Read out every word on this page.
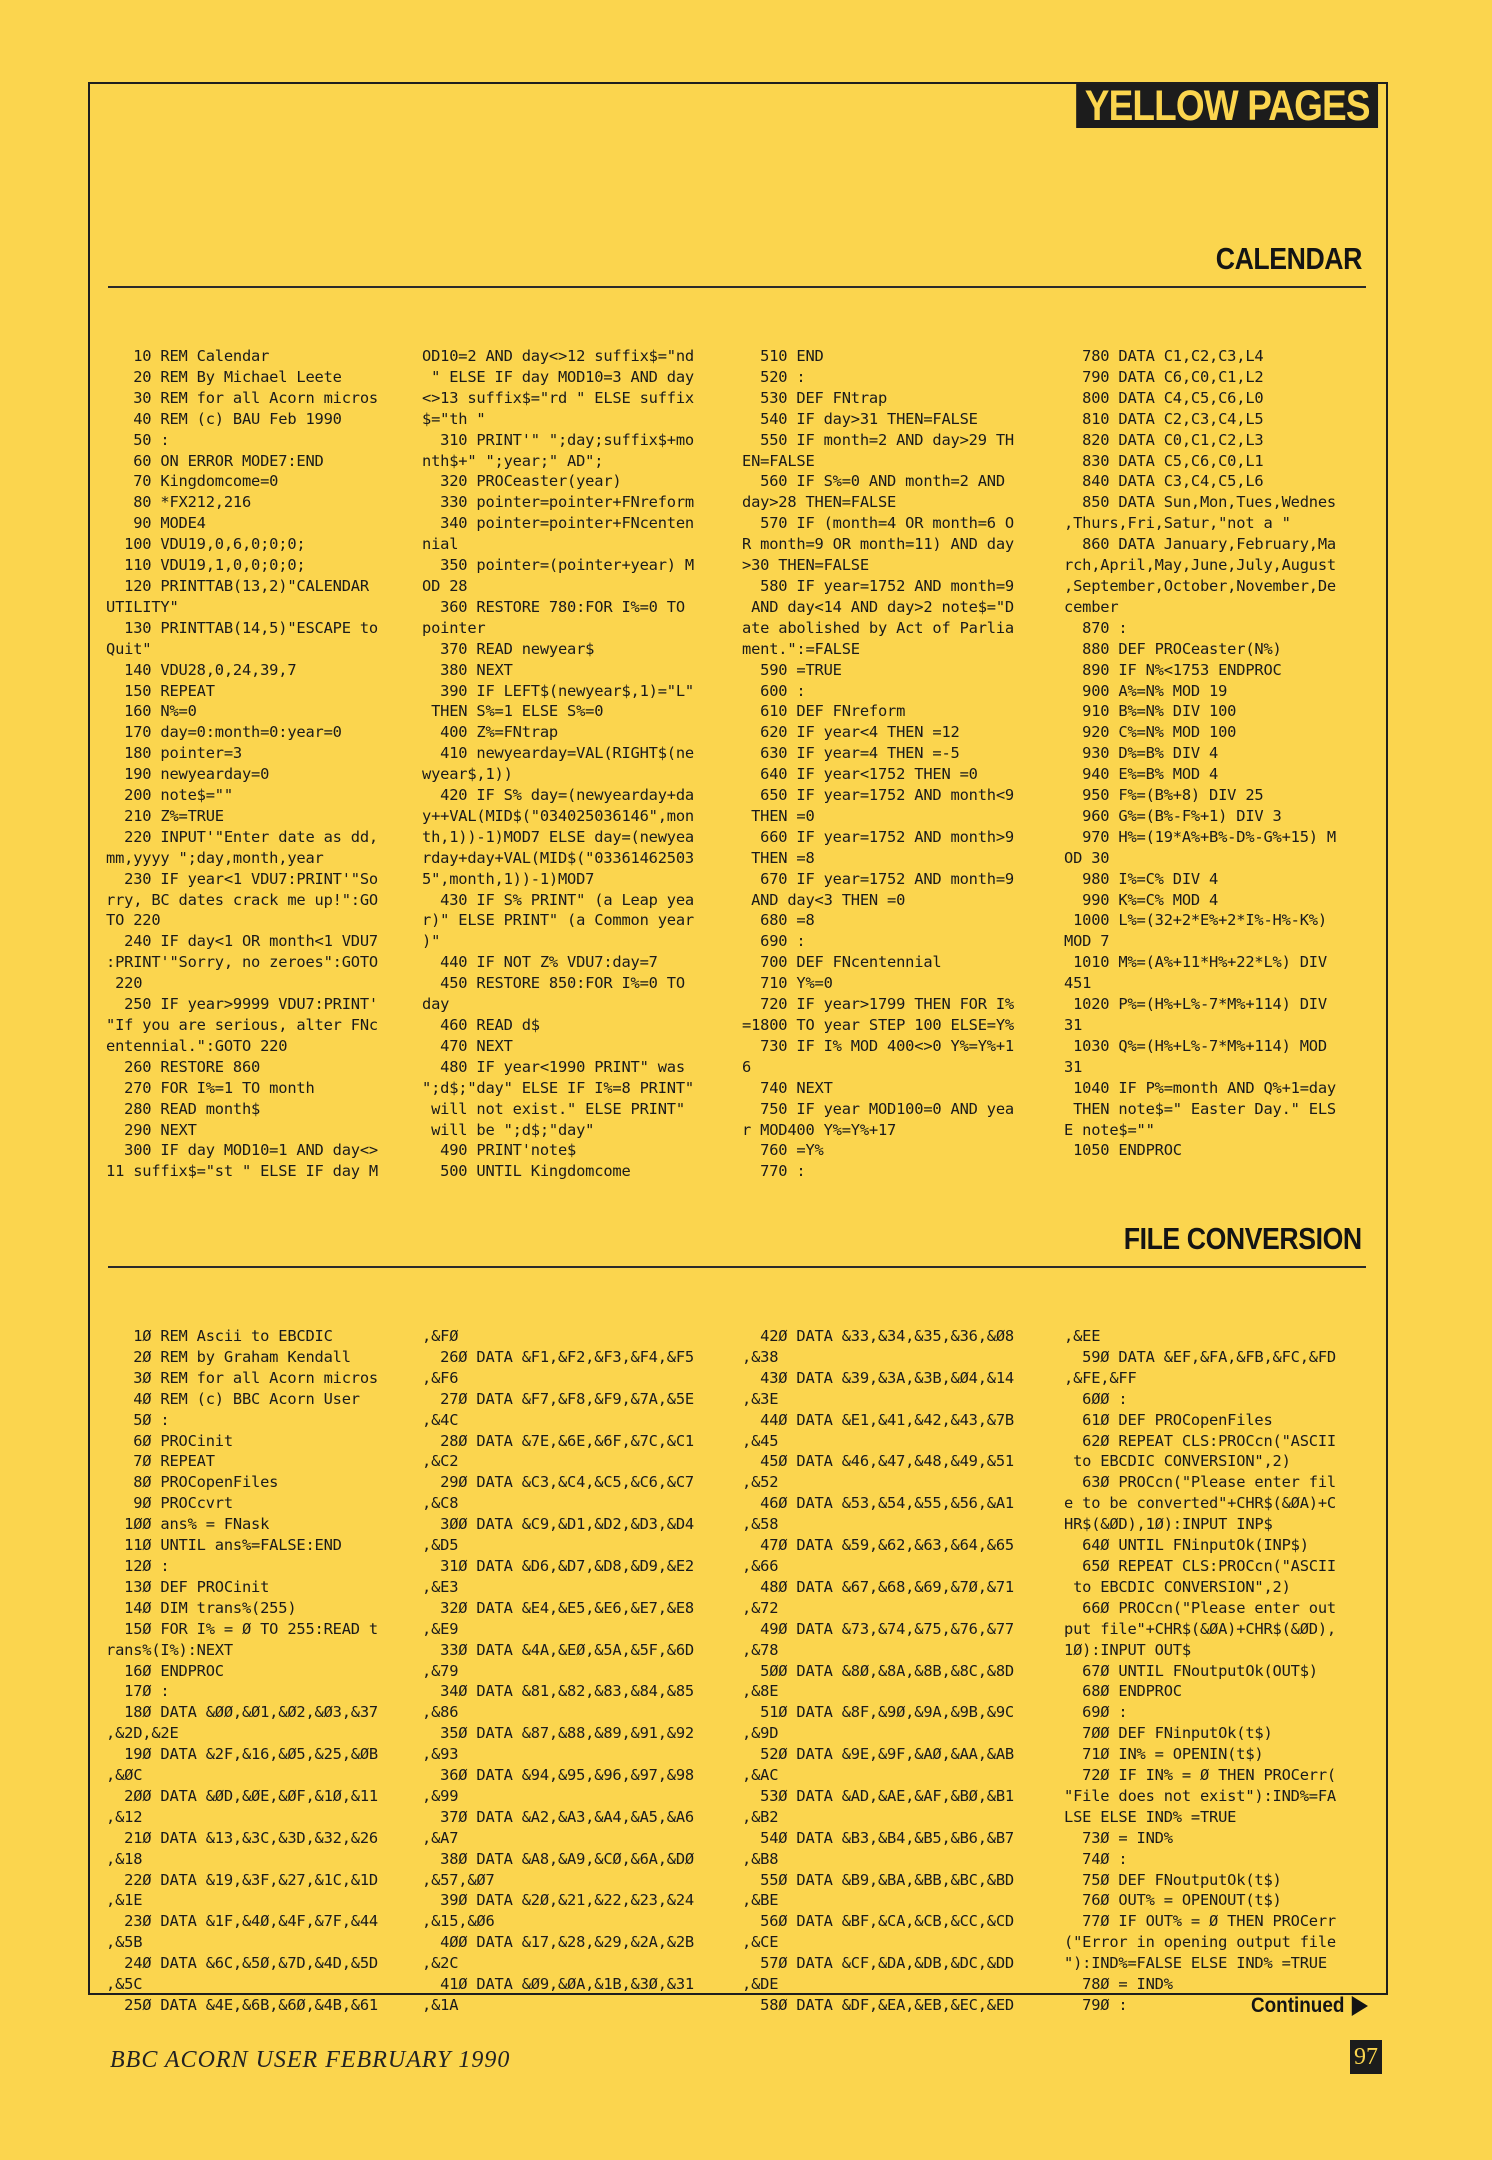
YELLOW PAGES
CALENDAR
10 REM Calendar
20 REM By Michael Leete
30 REM for all Acorn micros
40 REM (c) BAU Feb 1990
50 :
60 ON ERROR MODE7:END
70 Kingdomcome=0
80 *FX212,216
90 MODE4
100 VDU19,0,6,0;0;0;
110 VDU19,1,0,0;0;0;
120 PRINTTAB(13,2)"CALENDAR
UTILITY"
130 PRINTTAB(14,5)"ESCAPE to
Quit"
140 VDU28,0,24,39,7
150 REPEAT
160 N%=0
170 day=0:month=0:year=0
180 pointer=3
190 newyearday=0
200 note$=""
210 Z%=TRUE
220 INPUT'"Enter date as dd,
mm,yyyy ";day,month,year
230 IF year<1 VDU7:PRINT'"So
rry, BC dates crack me up!":GO
TO 220
240 IF day<1 OR month<1 VDU7
:PRINT'"Sorry, no zeroes":GOTO
220
250 IF year>9999 VDU7:PRINT'
"If you are serious, alter FNc
entennial.":GOTO 220
260 RESTORE 860
270 FOR I%=1 TO month
280 READ month$
290 NEXT
300 IF day MOD10=1 AND day<>
11 suffix$="st " ELSE IF day M
OD10=2 AND day<>12 suffix$="nd
" ELSE IF day MOD10=3 AND day
<>13 suffix$="rd " ELSE suffix
$="th "
310 PRINT'" ";day;suffix$+mo
nth$+" ";year;" AD";
320 PROCeaster(year)
330 pointer=pointer+FNreform
340 pointer=pointer+FNcenten
nial
350 pointer=(pointer+year) M
OD 28
360 RESTORE 780:FOR I%=0 TO
pointer
370 READ newyear$
380 NEXT
390 IF LEFT$(newyear$,1)="L"
THEN S%=1 ELSE S%=0
400 Z%=FNtrap
410 newyearday=VAL(RIGHT$(ne
wyear$,1))
420 IF S% day=(newyearday+da
y++VAL(MID$("034025036146",mon
th,1))-1)MOD7 ELSE day=(newyea
rday+day+VAL(MID$("03361462503
5",month,1))-1)MOD7
430 IF S% PRINT" (a Leap yea
r)" ELSE PRINT" (a Common year
)"
440 IF NOT Z% VDU7:day=7
450 RESTORE 850:FOR I%=0 TO
day
460 READ d$
470 NEXT
480 IF year<1990 PRINT" was
";d$;"day" ELSE IF I%=8 PRINT"
will not exist." ELSE PRINT"
will be ";d$;"day"
490 PRINT'note$
500 UNTIL Kingdomcome
510 END
520 :
530 DEF FNtrap
540 IF day>31 THEN=FALSE
550 IF month=2 AND day>29 TH
EN=FALSE
560 IF S%=0 AND month=2 AND
day>28 THEN=FALSE
570 IF (month=4 OR month=6 O
R month=9 OR month=11) AND day
>30 THEN=FALSE
580 IF year=1752 AND month=9
AND day<14 AND day>2 note$="D
ate abolished by Act of Parlia
ment.":=FALSE
590 =TRUE
600 :
610 DEF FNreform
620 IF year<4 THEN =12
630 IF year=4 THEN =-5
640 IF year<1752 THEN =0
650 IF year=1752 AND month<9
THEN =0
660 IF year=1752 AND month>9
THEN =8
670 IF year=1752 AND month=9
AND day<3 THEN =0
680 =8
690 :
700 DEF FNcentennial
710 Y%=0
720 IF year>1799 THEN FOR I%
=1800 TO year STEP 100 ELSE=Y%
730 IF I% MOD 400<>0 Y%=Y%+1
6
740 NEXT
750 IF year MOD100=0 AND yea
r MOD400 Y%=Y%+17
760 =Y%
770 :
780 DATA C1,C2,C3,L4
790 DATA C6,C0,C1,L2
800 DATA C4,C5,C6,L0
810 DATA C2,C3,C4,L5
820 DATA C0,C1,C2,L3
830 DATA C5,C6,C0,L1
840 DATA C3,C4,C5,L6
850 DATA Sun,Mon,Tues,Wednes
,Thurs,Fri,Satur,"not a "
860 DATA January,February,Ma
rch,April,May,June,July,August
,September,October,November,De
cember
870 :
880 DEF PROCeaster(N%)
890 IF N%<1753 ENDPROC
900 A%=N% MOD 19
910 B%=N% DIV 100
920 C%=N% MOD 100
930 D%=B% DIV 4
940 E%=B% MOD 4
950 F%=(B%+8) DIV 25
960 G%=(B%-F%+1) DIV 3
970 H%=(19*A%+B%-D%-G%+15) M
OD 30
980 I%=C% DIV 4
990 K%=C% MOD 4
1000 L%=(32+2*E%+2*I%-H%-K%)
MOD 7
1010 M%=(A%+11*H%+22*L%) DIV
451
1020 P%=(H%+L%-7*M%+114) DIV
31
1030 Q%=(H%+L%-7*M%+114) MOD
31
1040 IF P%=month AND Q%+1=day
THEN note$=" Easter Day." ELS
E note$=""
1050 ENDPROC
FILE CONVERSION
1Ø REM Ascii to EBCDIC
2Ø REM by Graham Kendall
3Ø REM for all Acorn micros
4Ø REM (c) BBC Acorn User
5Ø :
6Ø PROCinit
7Ø REPEAT
8Ø PROCopenFiles
9Ø PROCcvrt
1ØØ ans% = FNask
11Ø UNTIL ans%=FALSE:END
12Ø :
13Ø DEF PROCinit
14Ø DIM trans%(255)
15Ø FOR I% = Ø TO 255:READ t
rans%(I%):NEXT
16Ø ENDPROC
17Ø :
18Ø DATA &ØØ,&Ø1,&Ø2,&Ø3,&37
,&2D,&2E
19Ø DATA &2F,&16,&Ø5,&25,&ØB
,&ØC
2ØØ DATA &ØD,&ØE,&ØF,&1Ø,&11
,&12
21Ø DATA &13,&3C,&3D,&32,&26
,&18
22Ø DATA &19,&3F,&27,&1C,&1D
,&1E
23Ø DATA &1F,&4Ø,&4F,&7F,&44
,&5B
24Ø DATA &6C,&5Ø,&7D,&4D,&5D
,&5C
25Ø DATA &4E,&6B,&6Ø,&4B,&61
,&FØ
26Ø DATA &F1,&F2,&F3,&F4,&F5
,&F6
27Ø DATA &F7,&F8,&F9,&7A,&5E
,&4C
28Ø DATA &7E,&6E,&6F,&7C,&C1
,&C2
29Ø DATA &C3,&C4,&C5,&C6,&C7
,&C8
3ØØ DATA &C9,&D1,&D2,&D3,&D4
,&D5
31Ø DATA &D6,&D7,&D8,&D9,&E2
,&E3
32Ø DATA &E4,&E5,&E6,&E7,&E8
,&E9
33Ø DATA &4A,&EØ,&5A,&5F,&6D
,&79
34Ø DATA &81,&82,&83,&84,&85
,&86
35Ø DATA &87,&88,&89,&91,&92
,&93
36Ø DATA &94,&95,&96,&97,&98
,&99
37Ø DATA &A2,&A3,&A4,&A5,&A6
,&A7
38Ø DATA &A8,&A9,&CØ,&6A,&DØ
,&57,&Ø7
39Ø DATA &2Ø,&21,&22,&23,&24
,&15,&Ø6
4ØØ DATA &17,&28,&29,&2A,&2B
,&2C
41Ø DATA &Ø9,&ØA,&1B,&3Ø,&31
,&1A
42Ø DATA &33,&34,&35,&36,&Ø8
,&38
43Ø DATA &39,&3A,&3B,&Ø4,&14
,&3E
44Ø DATA &E1,&41,&42,&43,&7B
,&45
45Ø DATA &46,&47,&48,&49,&51
,&52
46Ø DATA &53,&54,&55,&56,&A1
,&58
47Ø DATA &59,&62,&63,&64,&65
,&66
48Ø DATA &67,&68,&69,&7Ø,&71
,&72
49Ø DATA &73,&74,&75,&76,&77
,&78
5ØØ DATA &8Ø,&8A,&8B,&8C,&8D
,&8E
51Ø DATA &8F,&9Ø,&9A,&9B,&9C
,&9D
52Ø DATA &9E,&9F,&AØ,&AA,&AB
,&AC
53Ø DATA &AD,&AE,&AF,&BØ,&B1
,&B2
54Ø DATA &B3,&B4,&B5,&B6,&B7
,&B8
55Ø DATA &B9,&BA,&BB,&BC,&BD
,&BE
56Ø DATA &BF,&CA,&CB,&CC,&CD
,&CE
57Ø DATA &CF,&DA,&DB,&DC,&DD
,&DE
58Ø DATA &DF,&EA,&EB,&EC,&ED
,&EE
59Ø DATA &EF,&FA,&FB,&FC,&FD
,&FE,&FF
6ØØ :
61Ø DEF PROCopenFiles
62Ø REPEAT CLS:PROCcn("ASCII
to EBCDIC CONVERSION",2)
63Ø PROCcn("Please enter fil
e to be converted"+CHR$(&ØA)+C
HR$(&ØD),1Ø):INPUT INP$
64Ø UNTIL FNinputOk(INP$)
65Ø REPEAT CLS:PROCcn("ASCII
to EBCDIC CONVERSION",2)
66Ø PROCcn("Please enter out
put file"+CHR$(&ØA)+CHR$(&ØD),
1Ø):INPUT OUT$
67Ø UNTIL FNoutputOk(OUT$)
68Ø ENDPROC
69Ø :
7ØØ DEF FNinputOk(t$)
71Ø IN% = OPENIN(t$)
72Ø IF IN% = Ø THEN PROCerr(
"File does not exist"):IND%=FA
LSE ELSE IND% =TRUE
73Ø = IND%
74Ø :
75Ø DEF FNoutputOk(t$)
76Ø OUT% = OPENOUT(t$)
77Ø IF OUT% = Ø THEN PROCerr
("Error in opening output file
"):IND%=FALSE ELSE IND% =TRUE
78Ø = IND%
79Ø :	Continued
BBC ACORN USER FEBRUARY 1990	97
